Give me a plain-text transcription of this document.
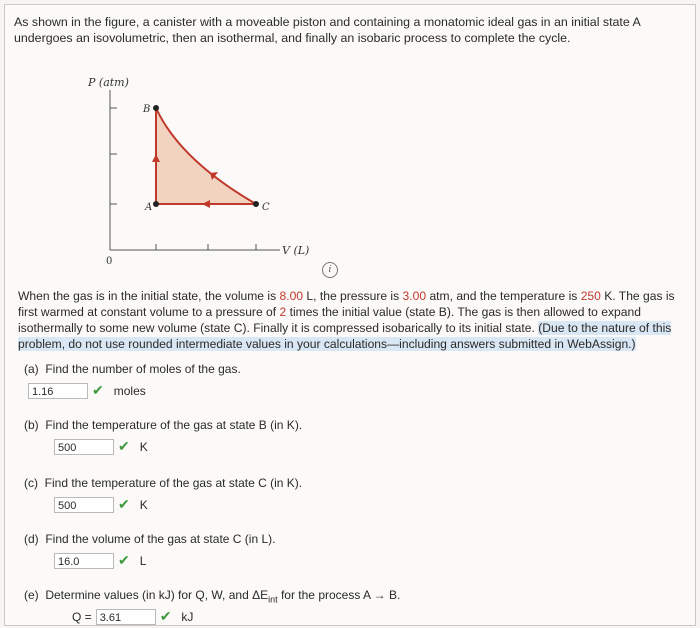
As shown in the figure, a canister with a moveable piston and containing a monatomic ideal gas in an initial state A undergoes an isovolumetric, then an isothermal, and finally an isobaric process to complete the cycle.
P (atm)
V (L)
0
A
B
C
i
When the gas is in the initial state, the volume is 8.00 L, the pressure is 3.00 atm, and the temperature is 250 K. The gas is first warmed at constant volume to a pressure of 2 times the initial value (state B). The gas is then allowed to expand isothermally to some new volume (state C). Finally it is compressed isobarically to its initial state. (Due to the nature of this problem, do not use rounded intermediate values in your calculations—including answers submitted in WebAssign.)

(a) Find the number of moles of the gas.

1.16	✔ moles

(b) Find the temperature of the gas at state B (in K).

500	✔ K

(c) Find the temperature of the gas at state C (in K).

500	✔ K

(d) Find the volume of the gas at state C (in L).

16.0	✔ L

(e) Determine values (in kJ) for Q, W, and $\Delta E_{int}$ for the process A → B.

Q = 3.61	✔ kJ
